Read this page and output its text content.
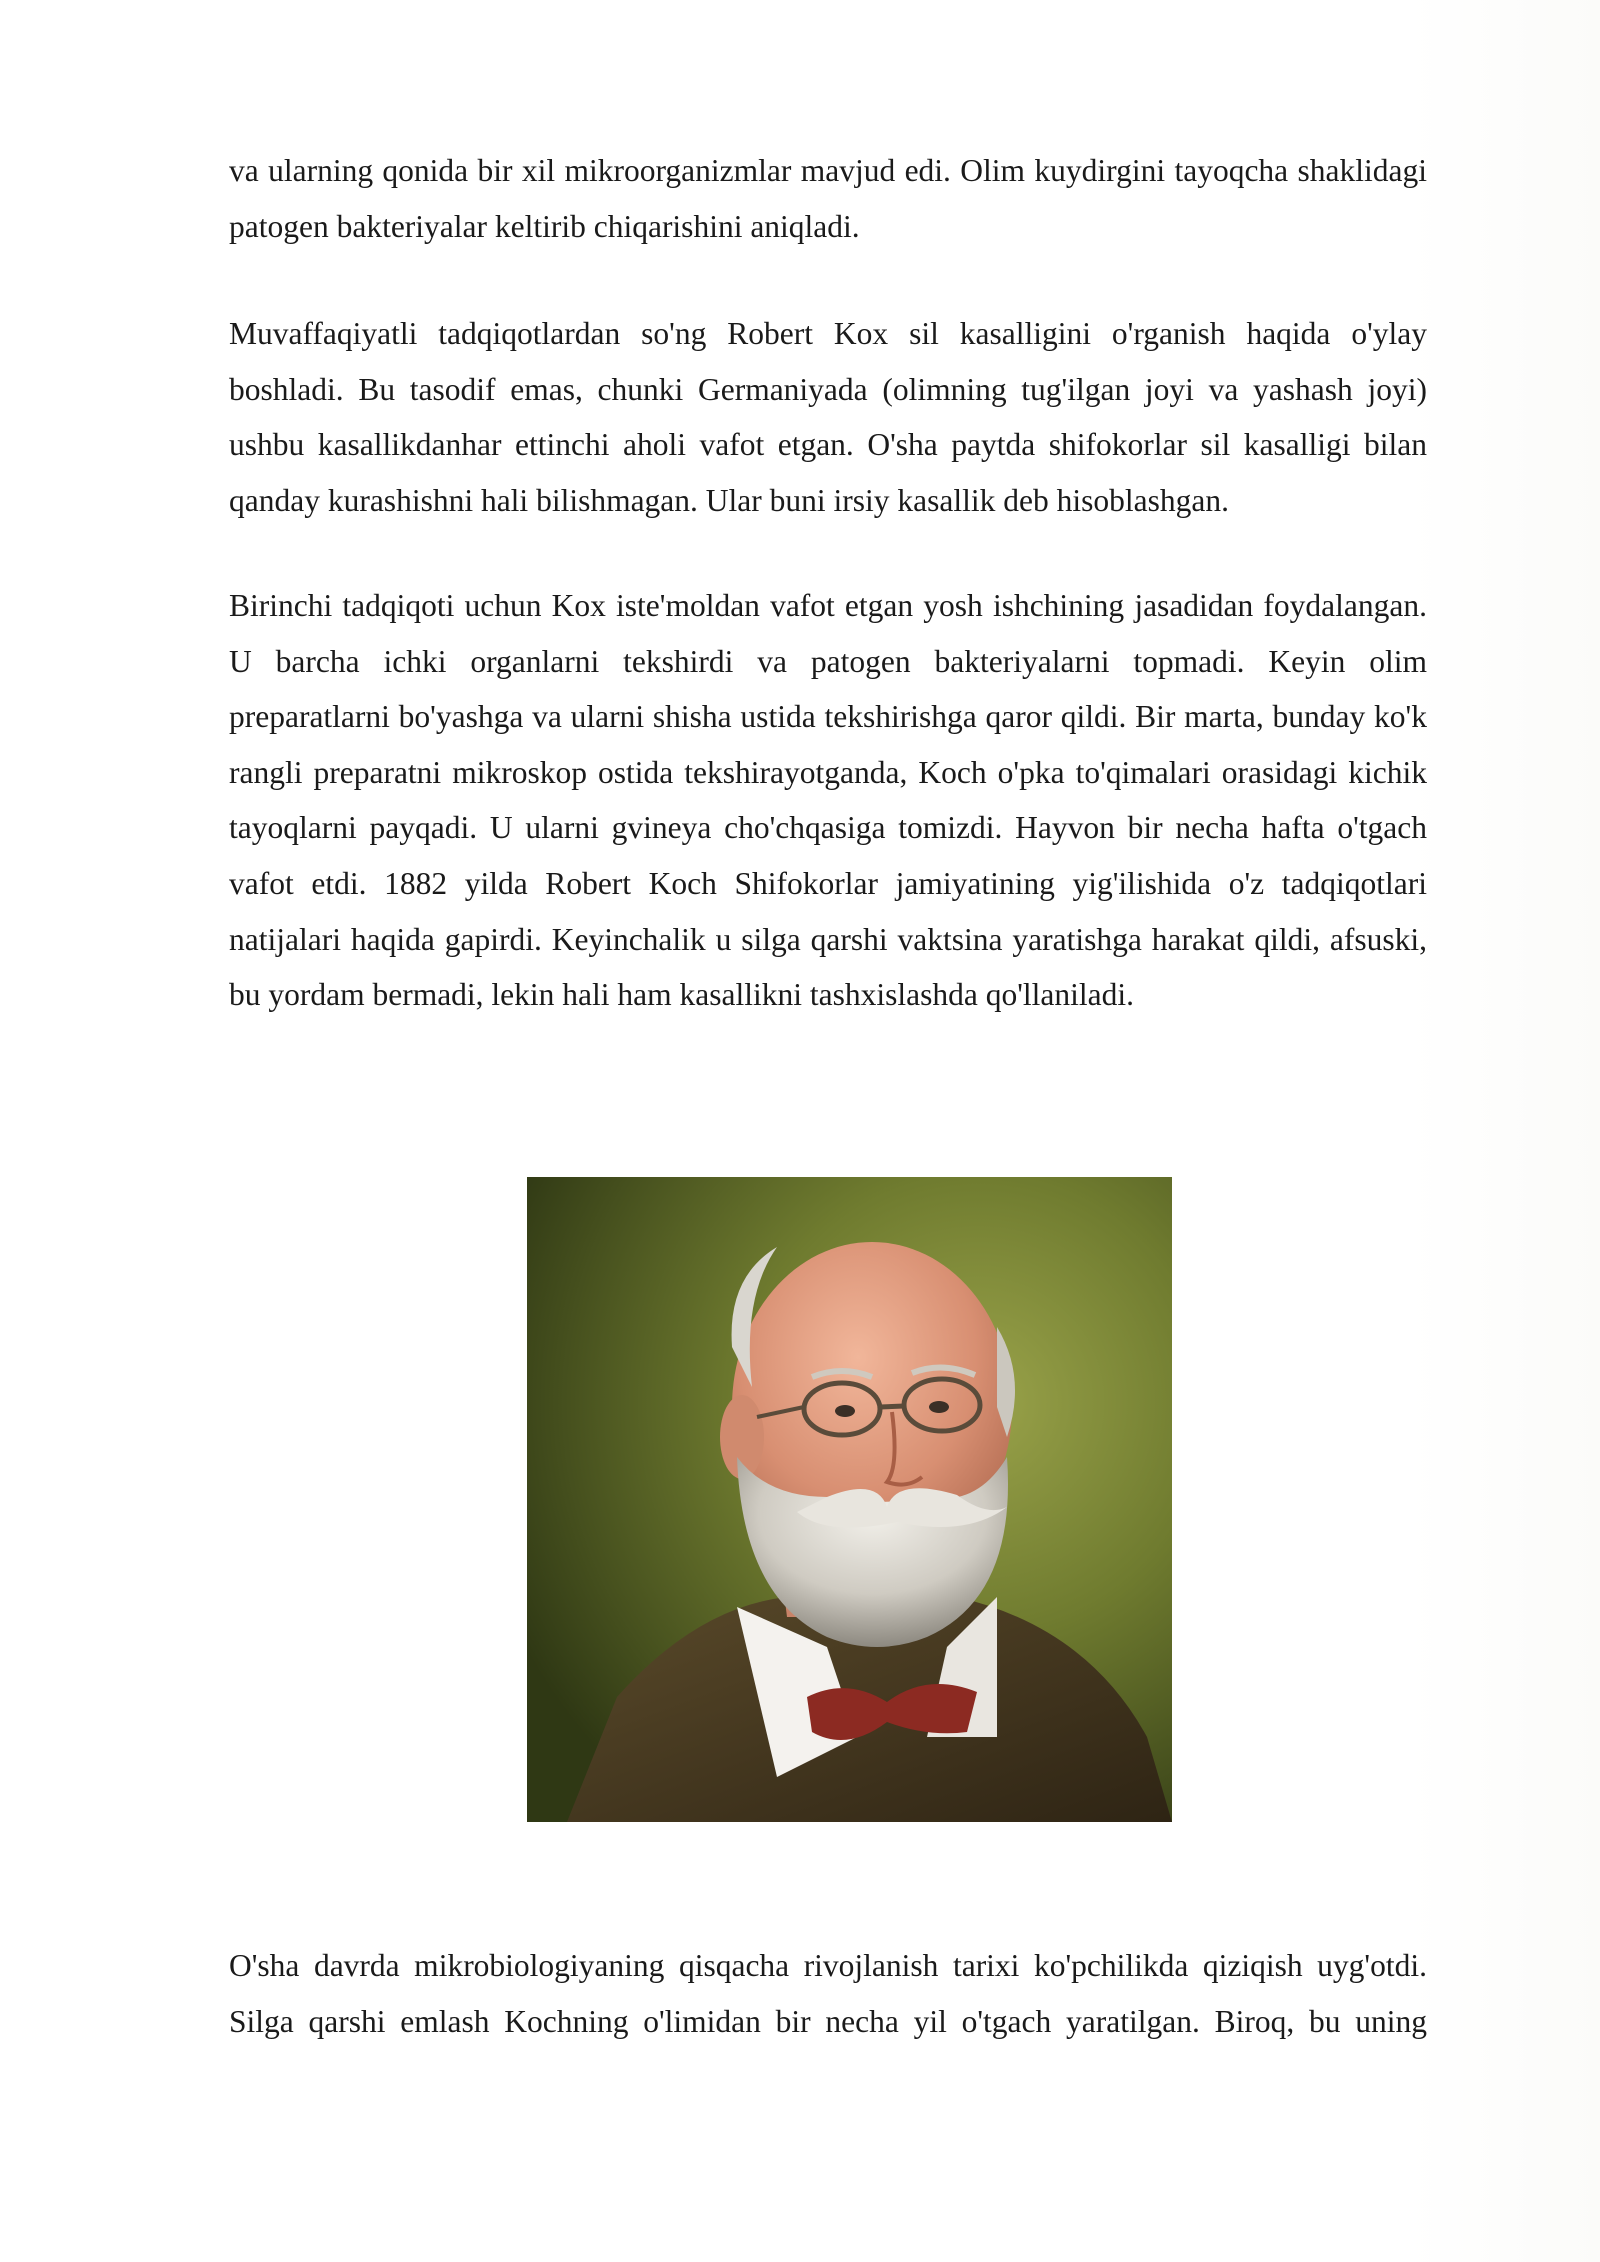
va ularning qonida bir xil mikroorganizmlar mavjud edi. Olim kuydirgini tayoqcha shaklidagi patogen bakteriyalar keltirib chiqarishini aniqladi.

Muvaffaqiyatli tadqiqotlardan so'ng Robert Kox sil kasalligini o'rganish haqida o'ylay boshladi. Bu tasodif emas, chunki Germaniyada (olimning tug'ilgan joyi va yashash joyi) ushbu kasallikdanhar ettinchi aholi vafot etgan. O'sha paytda shifokorlar sil kasalligi bilan qanday kurashishni hali bilishmagan. Ular buni irsiy kasallik deb hisoblashgan.

Birinchi tadqiqoti uchun Kox iste'moldan vafot etgan yosh ishchining jasadidan foydalangan. U barcha ichki organlarni tekshirdi va patogen bakteriyalarni topmadi. Keyin olim preparatlarni bo'yashga va ularni shisha ustida tekshirishga qaror qildi. Bir marta, bunday ko'k rangli preparatni mikroskop ostida tekshirayotganda, Koch o'pka to'qimalari orasidagi kichik tayoqlarni payqadi. U ularni gvineya cho'chqasiga tomizdi. Hayvon bir necha hafta o'tgach vafot etdi. 1882 yilda Robert Koch Shifokorlar jamiyatining yig'ilishida o'z tadqiqotlari natijalari haqida gapirdi. Keyinchalik u silga qarshi vaktsina yaratishga harakat qildi, afsuski, bu yordam bermadi, lekin hali ham kasallikni tashxislashda qo'llaniladi.

O'sha davrda mikrobiologiyaning qisqacha rivojlanish tarixi ko'pchilikda qiziqish uyg'otdi. Silga qarshi emlash Kochning o'limidan bir necha yil o'tgach yaratilgan. Biroq, bu uning
